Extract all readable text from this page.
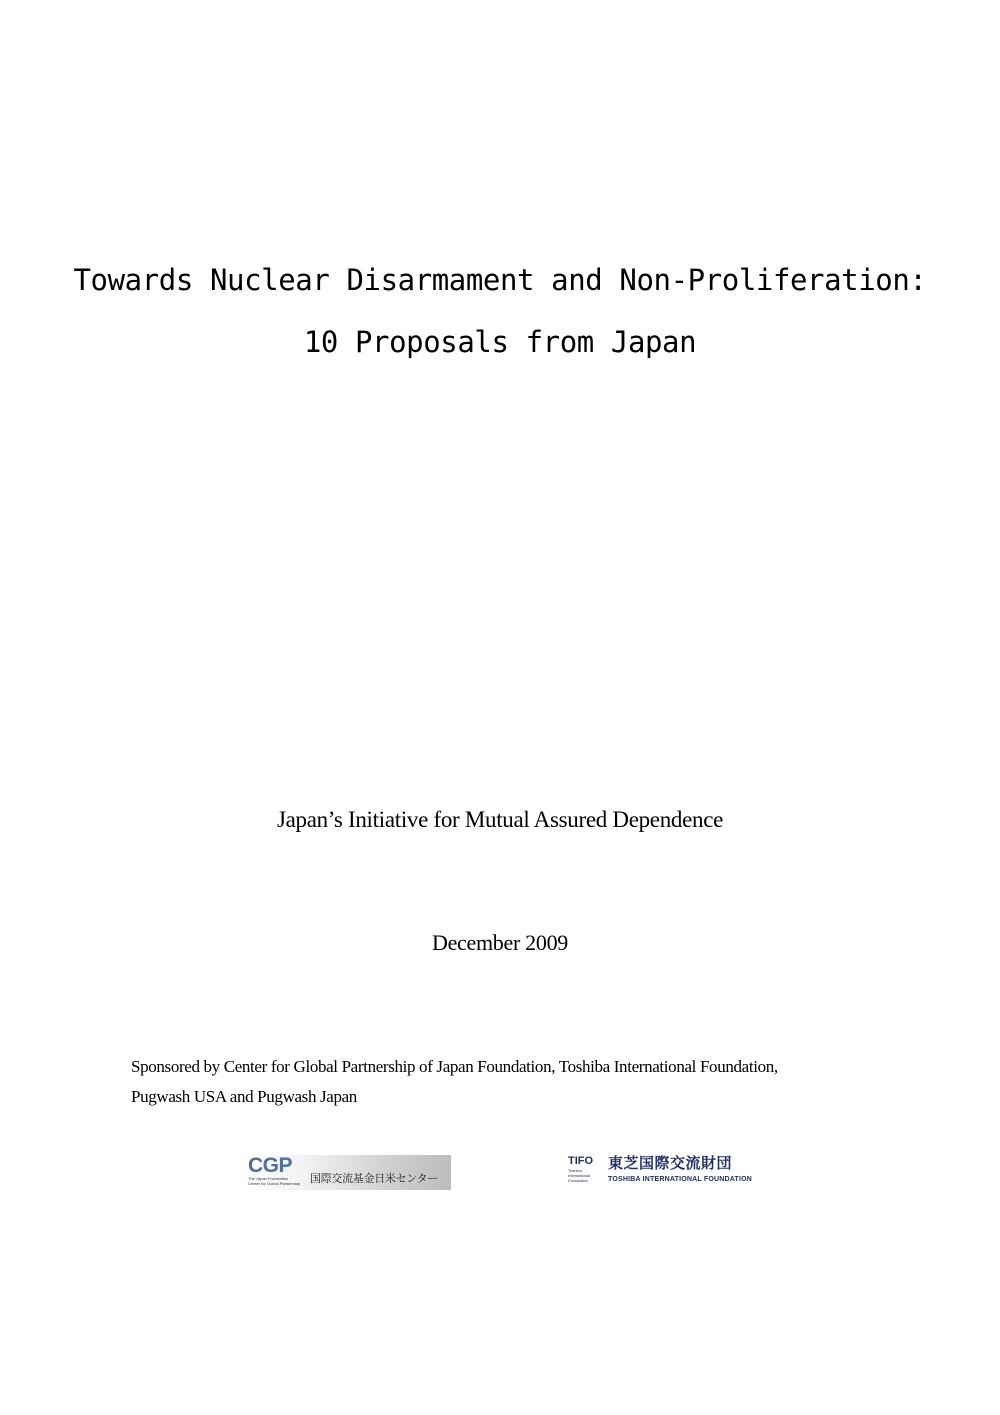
Towards Nuclear Disarmament and Non-Proliferation:
10 Proposals from Japan
Japan’s Initiative for Mutual Assured Dependence
December 2009
Sponsored by Center for Global Partnership of Japan Foundation, Toshiba International Foundation,
Pugwash USA and Pugwash Japan
CGP
The Japan Foundation
Center for Global Partnership 国際交流基金日米センター
TIFO
Toshiba
International
Foundation
東芝国際交流財団
TOSHIBA INTERNATIONAL FOUNDATION
